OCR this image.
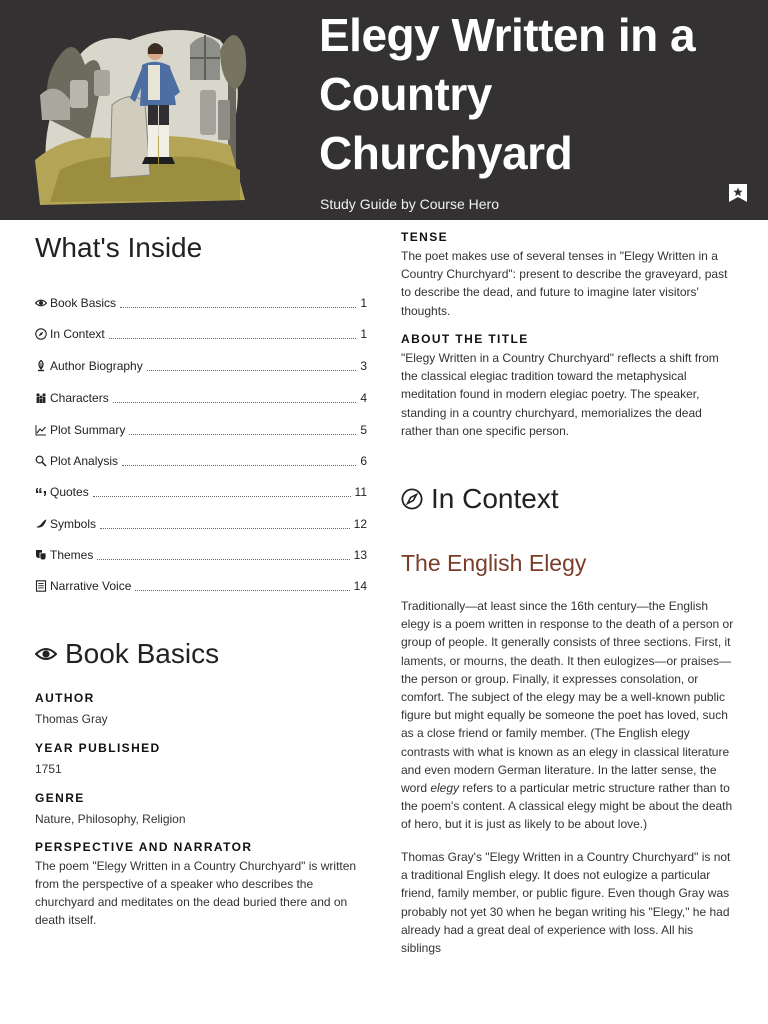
Elegy Written in a Country Churchyard
Study Guide by Course Hero
What's Inside
Book Basics	1
In Context	1
Author Biography	3
Characters	4
Plot Summary	5
Plot Analysis	6
Quotes	11
Symbols	12
Themes	13
Narrative Voice	14
Book Basics
AUTHOR
Thomas Gray
YEAR PUBLISHED
1751
GENRE
Nature, Philosophy, Religion
PERSPECTIVE AND NARRATOR
The poem "Elegy Written in a Country Churchyard" is written from the perspective of a speaker who describes the churchyard and meditates on the dead buried there and on death itself.
TENSE
The poet makes use of several tenses in "Elegy Written in a Country Churchyard": present to describe the graveyard, past to describe the dead, and future to imagine later visitors' thoughts.
ABOUT THE TITLE
"Elegy Written in a Country Churchyard" reflects a shift from the classical elegiac tradition toward the metaphysical meditation found in modern elegiac poetry. The speaker, standing in a country churchyard, memorializes the dead rather than one specific person.
In Context
The English Elegy

Traditionally—at least since the 16th century—the English elegy is a poem written in response to the death of a person or group of people. It generally consists of three sections. First, it laments, or mourns, the death. It then eulogizes—or praises—the person or group. Finally, it expresses consolation, or comfort. The subject of the elegy may be a well-known public figure but might equally be someone the poet has loved, such as a close friend or family member. (The English elegy contrasts with what is known as an elegy in classical literature and even modern German literature. In the latter sense, the word elegy refers to a particular metric structure rather than to the poem's content. A classical elegy might be about the death of hero, but it is just as likely to be about love.)

Thomas Gray's "Elegy Written in a Country Churchyard" is not a traditional English elegy. It does not eulogize a particular friend, family member, or public figure. Even though Gray was probably not yet 30 when he began writing his "Elegy," he had already had a great deal of experience with loss. All his siblings
